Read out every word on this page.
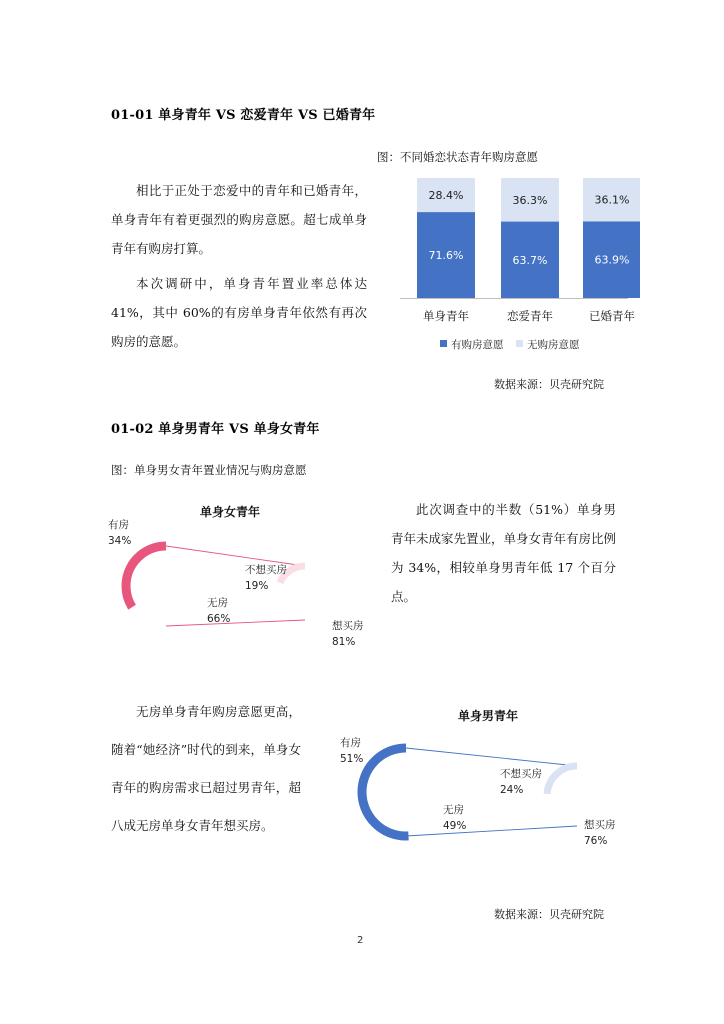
01-01 单身青年 VS 恋爱青年 VS 已婚青年
图：不同婚恋状态青年购房意愿

相比于正处于恋爱中的青年和已婚青年，单身青年有着更强烈的购房意愿。超七成单身青年有购房打算。

本次调研中，单身青年置业率总体达41%，其中 60%的有房单身青年依然有再次购房的意愿。

71.6%
28.4%
单身青年
63.7%
36.3%
恋爱青年
63.9%
36.1%
已婚青年
有购房意愿 无购房意愿
数据来源：贝壳研究院
01-02 单身男青年 VS 单身女青年
图：单身男女青年置业情况与购房意愿
单身女青年
有房
34%
无房
66%
不想买房
19%
想买房
81%

此次调查中的半数（51%）单身男青年未成家先置业，单身女青年有房比例为 34%，相较单身男青年低 17 个百分点。

无房单身青年购房意愿更高，随着“她经济”时代的到来，单身女青年的购房需求已超过男青年，超八成无房单身女青年想买房。

单身男青年
有房
51%
无房
49%
不想买房
24%
想买房
76%
数据来源：贝壳研究院
2
